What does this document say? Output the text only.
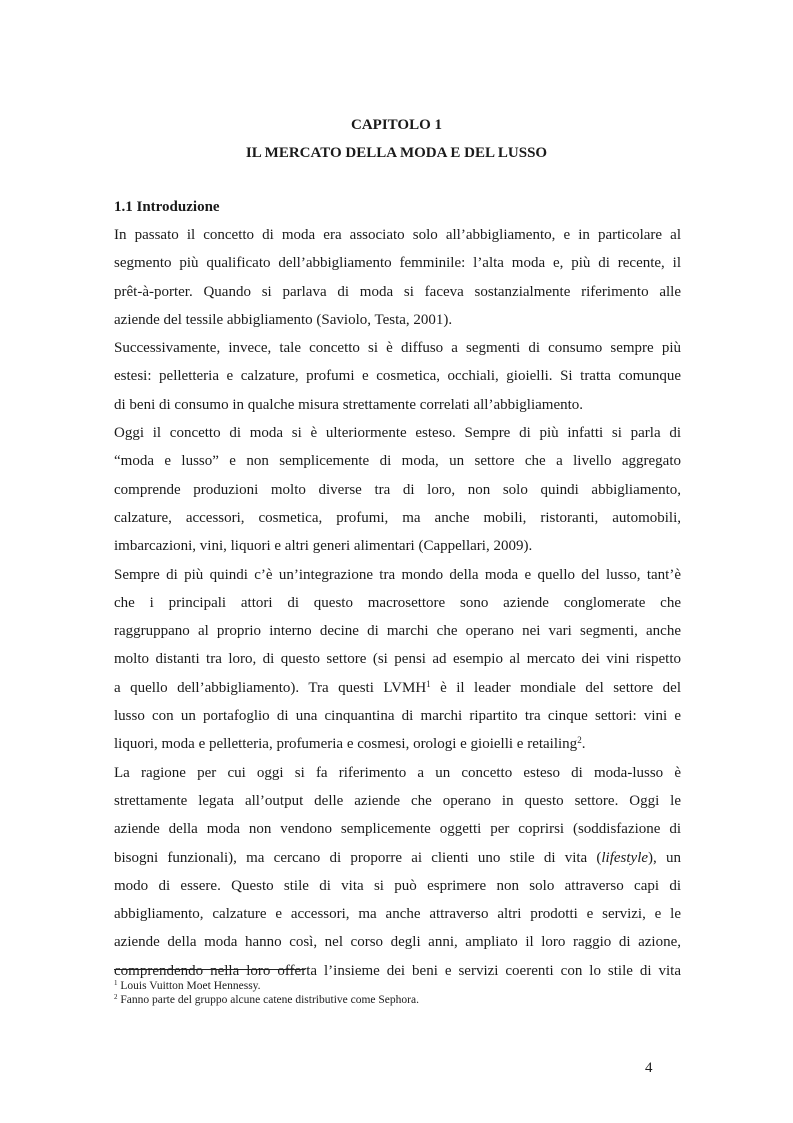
CAPITOLO 1
IL MERCATO DELLA MODA E DEL LUSSO
1.1 Introduzione
In passato il concetto di moda era associato solo all’abbigliamento, e in particolare al
segmento più qualificato dell’abbigliamento femminile: l’alta moda e, più di recente, il
prêt-à-porter. Quando si parlava di moda si faceva sostanzialmente riferimento alle
aziende del tessile abbigliamento (Saviolo, Testa, 2001).
Successivamente, invece, tale concetto si è diffuso a segmenti di consumo sempre più
estesi: pelletteria e calzature, profumi e cosmetica, occhiali, gioielli. Si tratta comunque
di beni di consumo in qualche misura strettamente correlati all’abbigliamento.
Oggi il concetto di moda si è ulteriormente esteso. Sempre di più infatti si parla di
“moda e lusso” e non semplicemente di moda, un settore che a livello aggregato
comprende produzioni molto diverse tra di loro, non solo quindi abbigliamento,
calzature, accessori, cosmetica, profumi, ma anche mobili, ristoranti, automobili,
imbarcazioni, vini, liquori e altri generi alimentari (Cappellari, 2009).
Sempre di più quindi c’è un’integrazione tra mondo della moda e quello del lusso, tant’è
che i principali attori di questo macrosettore sono aziende conglomerate che
raggruppano al proprio interno decine di marchi che operano nei vari segmenti, anche
molto distanti tra loro, di questo settore (si pensi ad esempio al mercato dei vini rispetto
a quello dell’abbigliamento). Tra questi LVMH$^1$ è il leader mondiale del settore del
lusso con un portafoglio di una cinquantina di marchi ripartito tra cinque settori: vini e
liquori, moda e pelletteria, profumeria e cosmesi, orologi e gioielli e retailing$^2$.
La ragione per cui oggi si fa riferimento a un concetto esteso di moda-lusso è
strettamente legata all’output delle aziende che operano in questo settore. Oggi le
aziende della moda non vendono semplicemente oggetti per coprirsi (soddisfazione di
bisogni funzionali), ma cercano di proporre ai clienti uno stile di vita (lifestyle), un
modo di essere. Questo stile di vita si può esprimere non solo attraverso capi di
abbigliamento, calzature e accessori, ma anche attraverso altri prodotti e servizi, e le
aziende della moda hanno così, nel corso degli anni, ampliato il loro raggio di azione,
comprendendo nella loro offerta l’insieme dei beni e servizi coerenti con lo stile di vita
$^1$ Louis Vuitton Moet Hennessy.
$^2$ Fanno parte del gruppo alcune catene distributive come Sephora.
4
